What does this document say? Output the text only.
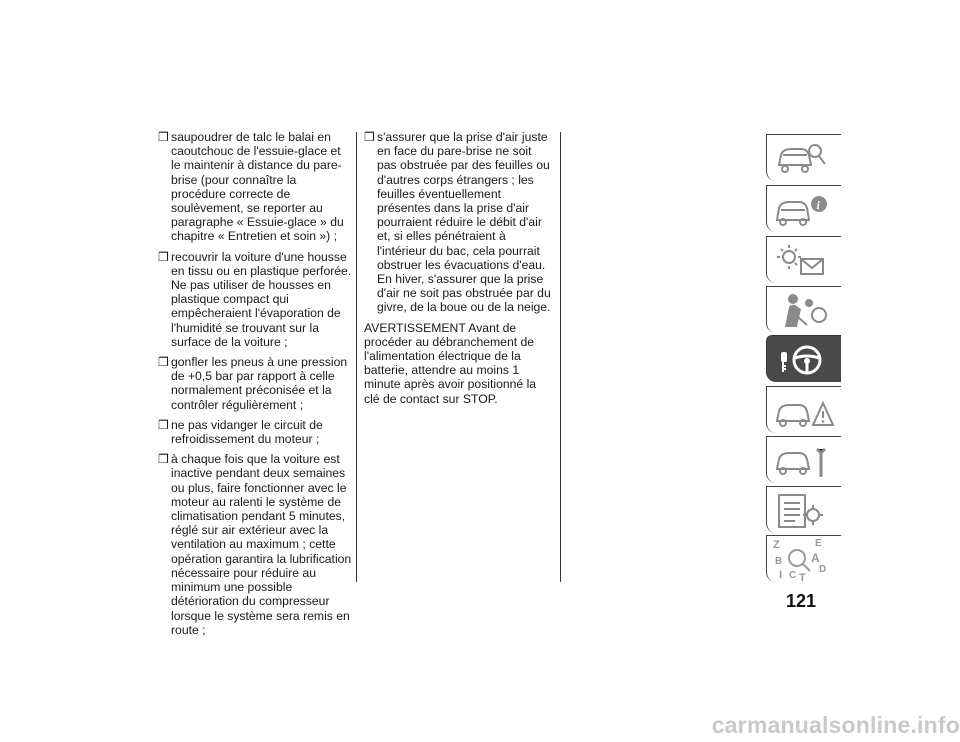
❒ saupoudrer de talc le balai en caoutchouc de l'essuie-glace et le maintenir à distance du pare-brise (pour connaître la procédure correcte de soulèvement, se reporter au paragraphe « Essuie-glace » du chapitre « Entretien et soin ») ;
❒ recouvrir la voiture d'une housse en tissu ou en plastique perforée. Ne pas utiliser de housses en plastique compact qui empêcheraient l'évaporation de l'humidité se trouvant sur la surface de la voiture ;
❒ gonfler les pneus à une pression de +0,5 bar par rapport à celle normalement préconisée et la contrôler régulièrement ;
❒ ne pas vidanger le circuit de refroidissement du moteur ;
❒ à chaque fois que la voiture est inactive pendant deux semaines ou plus, faire fonctionner avec le moteur au ralenti le système de climatisation pendant 5 minutes, réglé sur air extérieur avec la ventilation au maximum ; cette opération garantira la lubrification nécessaire pour réduire au minimum une possible détérioration du compresseur lorsque le système sera remis en route ;
❒ s'assurer que la prise d'air juste en face du pare-brise ne soit pas obstruée par des feuilles ou d'autres corps étrangers ; les feuilles éventuellement présentes dans la prise d'air pourraient réduire le débit d'air et, si elles pénétraient à l'intérieur du bac, cela pourrait obstruer les évacuations d'eau. En hiver, s'assurer que la prise d'air ne soit pas obstruée par du givre, de la boue ou de la neige.
AVERTISSEMENT Avant de procéder au débranchement de l'alimentation électrique de la batterie, attendre au moins 1 minute après avoir positionné la clé de contact sur STOP.
i
Z	E
B A
I C T
D
121
carmanualsonline.info
